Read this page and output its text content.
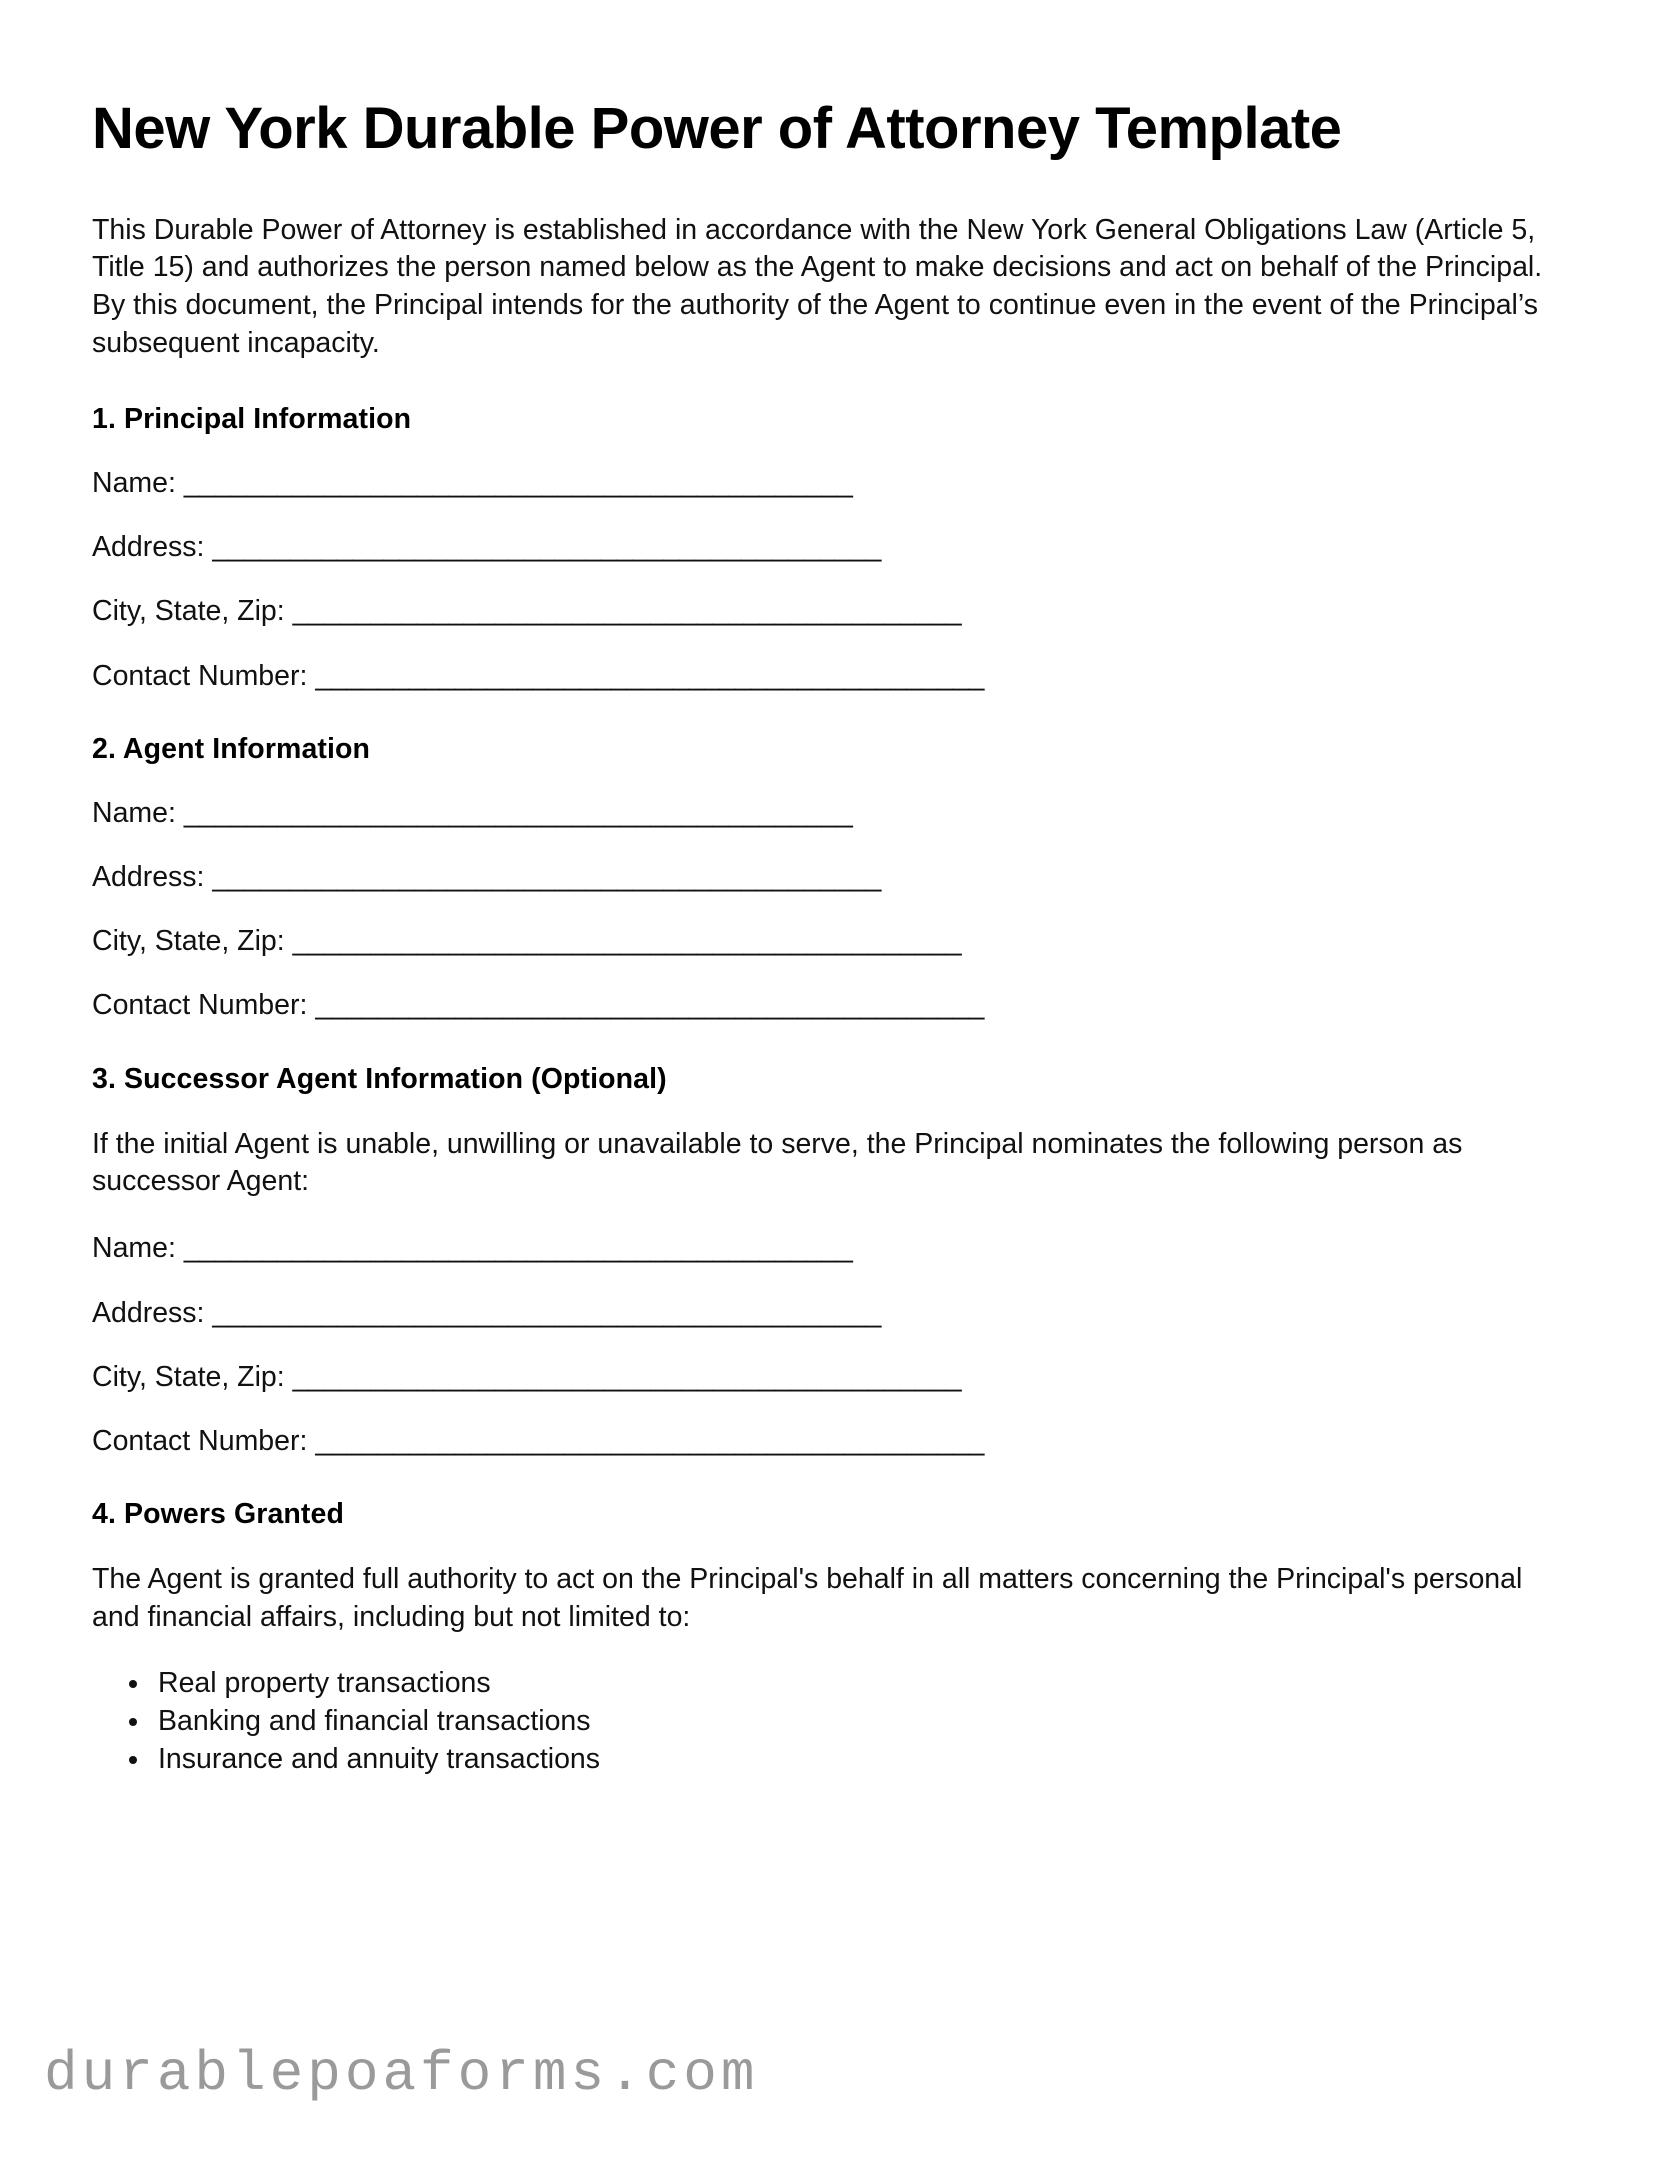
New York Durable Power of Attorney Template

This Durable Power of Attorney is established in accordance with the New York General Obligations Law (Article 5, Title 15) and authorizes the person named below as the Agent to make decisions and act on behalf of the Principal. By this document, the Principal intends for the authority of the Agent to continue even in the event of the Principal’s subsequent incapacity.

1. Principal Information
Name: ___________________________________________
Address: ___________________________________________
City, State, Zip: ___________________________________________
Contact Number: ___________________________________________
2. Agent Information
Name: ___________________________________________
Address: ___________________________________________
City, State, Zip: ___________________________________________
Contact Number: ___________________________________________
3. Successor Agent Information (Optional)

If the initial Agent is unable, unwilling or unavailable to serve, the Principal nominates the following person as successor Agent:

Name: ___________________________________________
Address: ___________________________________________
City, State, Zip: ___________________________________________
Contact Number: ___________________________________________
4. Powers Granted

The Agent is granted full authority to act on the Principal's behalf in all matters concerning the Principal's personal and financial affairs, including but not limited to:

• Real property transactions
• Banking and financial transactions
• Insurance and annuity transactions
durablepoaforms.com
